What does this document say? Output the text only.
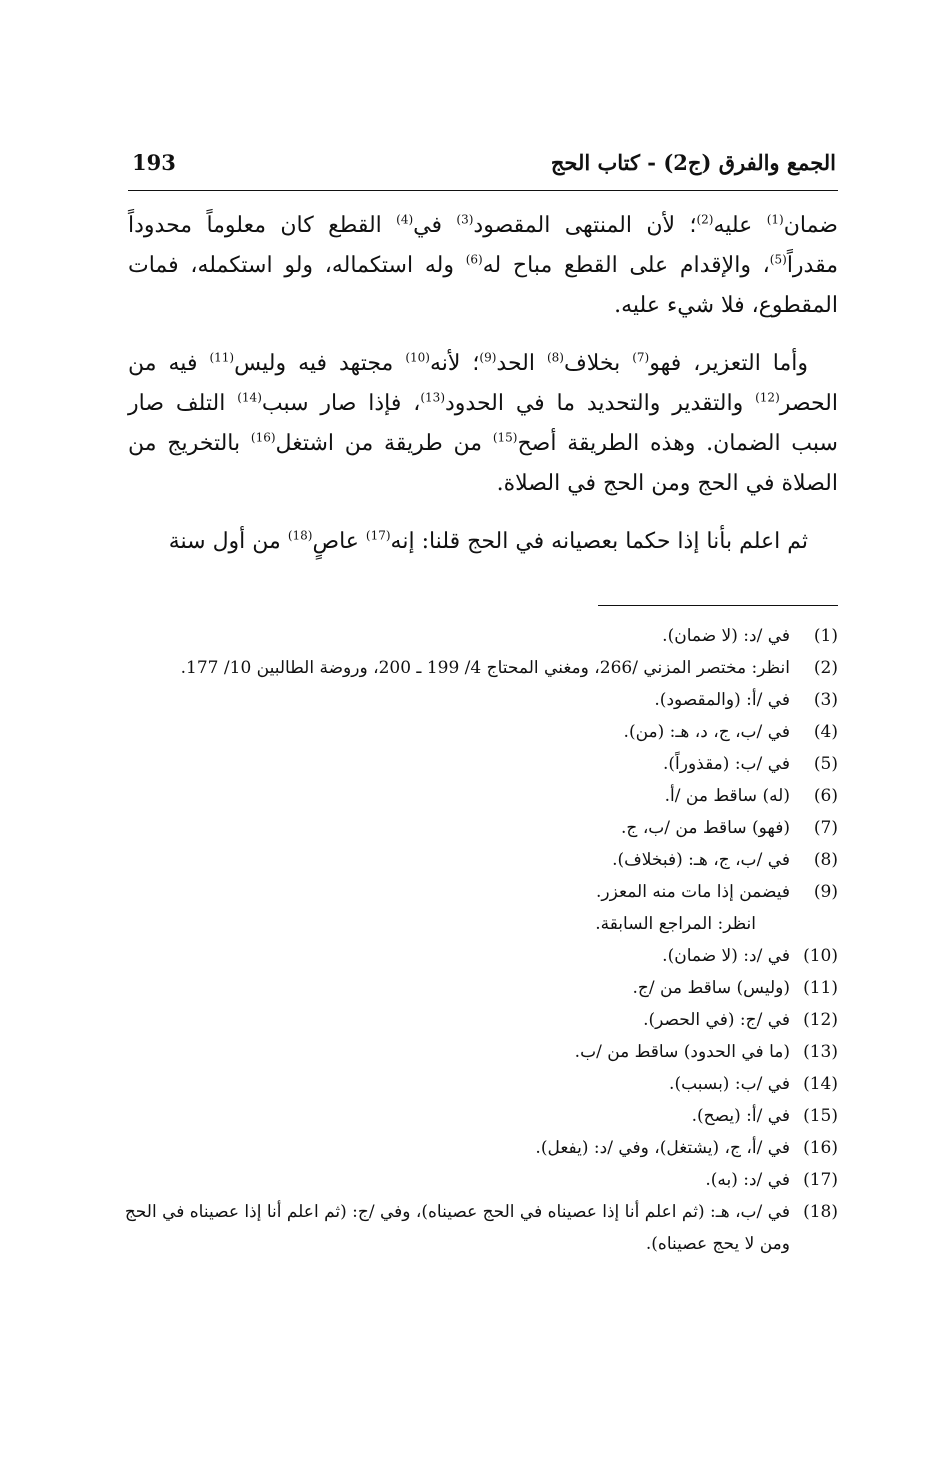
الجمع والفرق (ج2) - كتاب الحج
193

ضمان$^{(1)}$ عليه$^{(2)}$؛ لأن المنتهى المقصود$^{(3)}$ في$^{(4)}$ القطع كان معلوماً محدوداً مقدراً$^{(5)}$، والإقدام على القطع مباح له$^{(6)}$ وله استكماله، ولو استكمله، فمات المقطوع، فلا شيء عليه.

وأما التعزير، فهو$^{(7)}$ بخلاف$^{(8)}$ الحد$^{(9)}$؛ لأنه$^{(10)}$ مجتهد فيه وليس$^{(11)}$ فيه من الحصر$^{(12)}$ والتقدير والتحديد ما في الحدود$^{(13)}$، فإذا صار سبب$^{(14)}$ التلف صار سبب الضمان. وهذه الطريقة أصح$^{(15)}$ من طريقة من اشتغل$^{(16)}$ بالتخريج من الصلاة في الحج ومن الحج في الصلاة.

ثم اعلم بأنا إذا حكما بعصيانه في الحج قلنا: إنه$^{(17)}$ عاصٍ$^{(18)}$ من أول سنة

(1)
في /د: (لا ضمان).
(2)
انظر: مختصر المزني /266، ومغني المحتاج 4/ 199 ـ 200، وروضة الطالبين 10/ 177.
(3)
في /أ: (والمقصود).
(4)
في /ب، ج، د، هـ: (من).
(5)
في /ب: (مقذوراً).
(6)
(له) ساقط من /أ.
(7)
(فهو) ساقط من /ب، ج.
(8)
في /ب، ج، هـ: (فبخلاف).
(9)
فيضمن إذا مات منه المعزر.
انظر: المراجع السابقة.
(10)
في /د: (لا ضمان).
(11)
(وليس) ساقط من /ج.
(12)
في /ج: (في الحصر).
(13)
(ما في الحدود) ساقط من /ب.
(14)
في /ب: (بسبب).
(15)
في /أ: (يصح).
(16)
في /أ، ج، (يشتغل)، وفي /د: (يفعل).
(17)
في /د: (به).
(18)
في /ب، هـ: (ثم اعلم أنا إذا عصيناه في الحج عصيناه)، وفي /ج: (ثم اعلم أنا إذا عصيناه في الحج ومن لا يحج عصيناه).
